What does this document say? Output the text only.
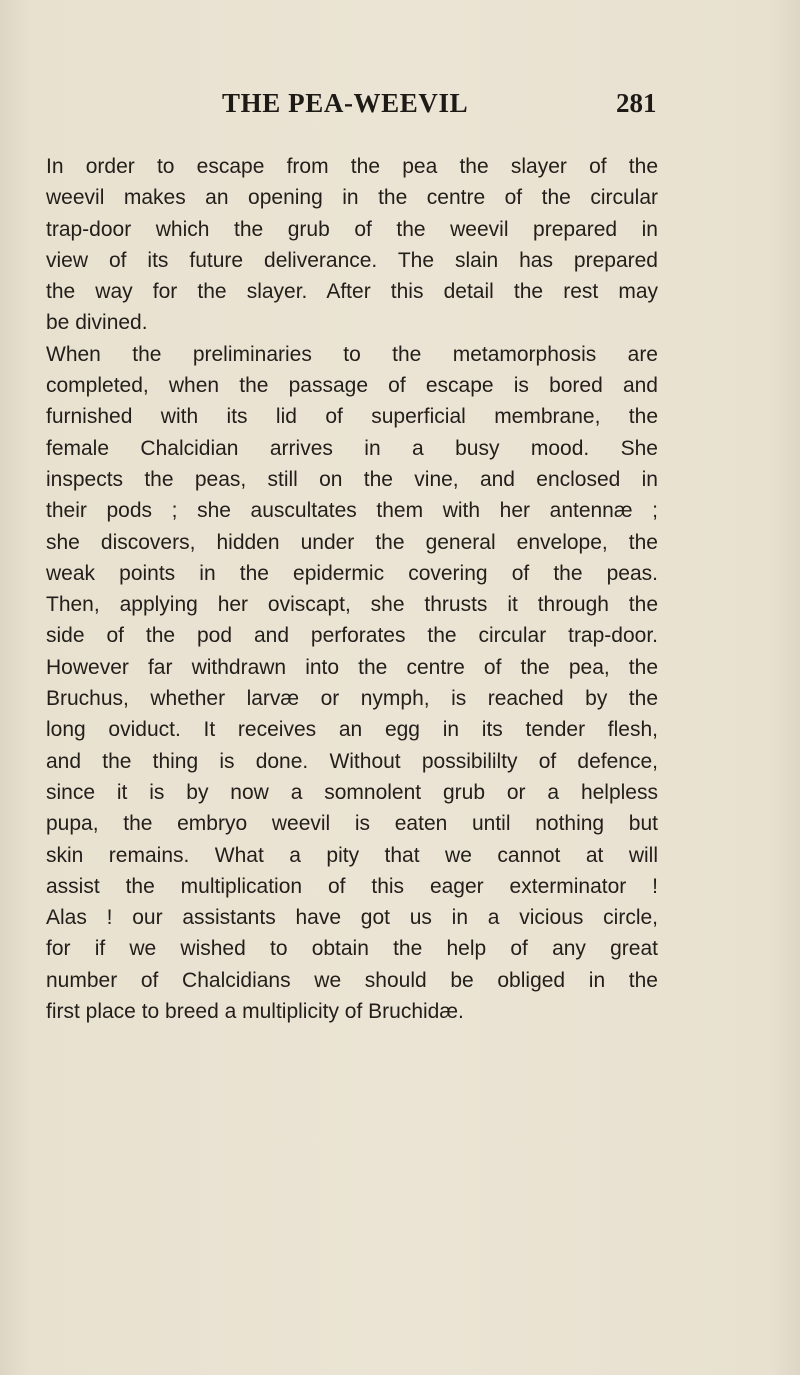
THE PEA-WEEVIL	281
In order to escape from the pea the slayer of the
weevil makes an opening in the centre of the circular
trap-door which the grub of the weevil prepared in
view of its future deliverance. The slain has prepared
the way for the slayer. After this detail the rest may
be divined.
When the preliminaries to the metamorphosis are
completed, when the passage of escape is bored and
furnished with its lid of superficial membrane, the
female Chalcidian arrives in a busy mood. She
inspects the peas, still on the vine, and enclosed in
their pods ; she auscultates them with her antennæ ;
she discovers, hidden under the general envelope, the
weak points in the epidermic covering of the peas.
Then, applying her oviscapt, she thrusts it through the
side of the pod and perforates the circular trap-door.
However far withdrawn into the centre of the pea, the
Bruchus, whether larvæ or nymph, is reached by the
long oviduct. It receives an egg in its tender flesh,
and the thing is done. Without possibililty of defence,
since it is by now a somnolent grub or a helpless
pupa, the embryo weevil is eaten until nothing but
skin remains. What a pity that we cannot at will
assist the multiplication of this eager exterminator !
Alas ! our assistants have got us in a vicious circle,
for if we wished to obtain the help of any great
number of Chalcidians we should be obliged in the
first place to breed a multiplicity of Bruchidæ.
